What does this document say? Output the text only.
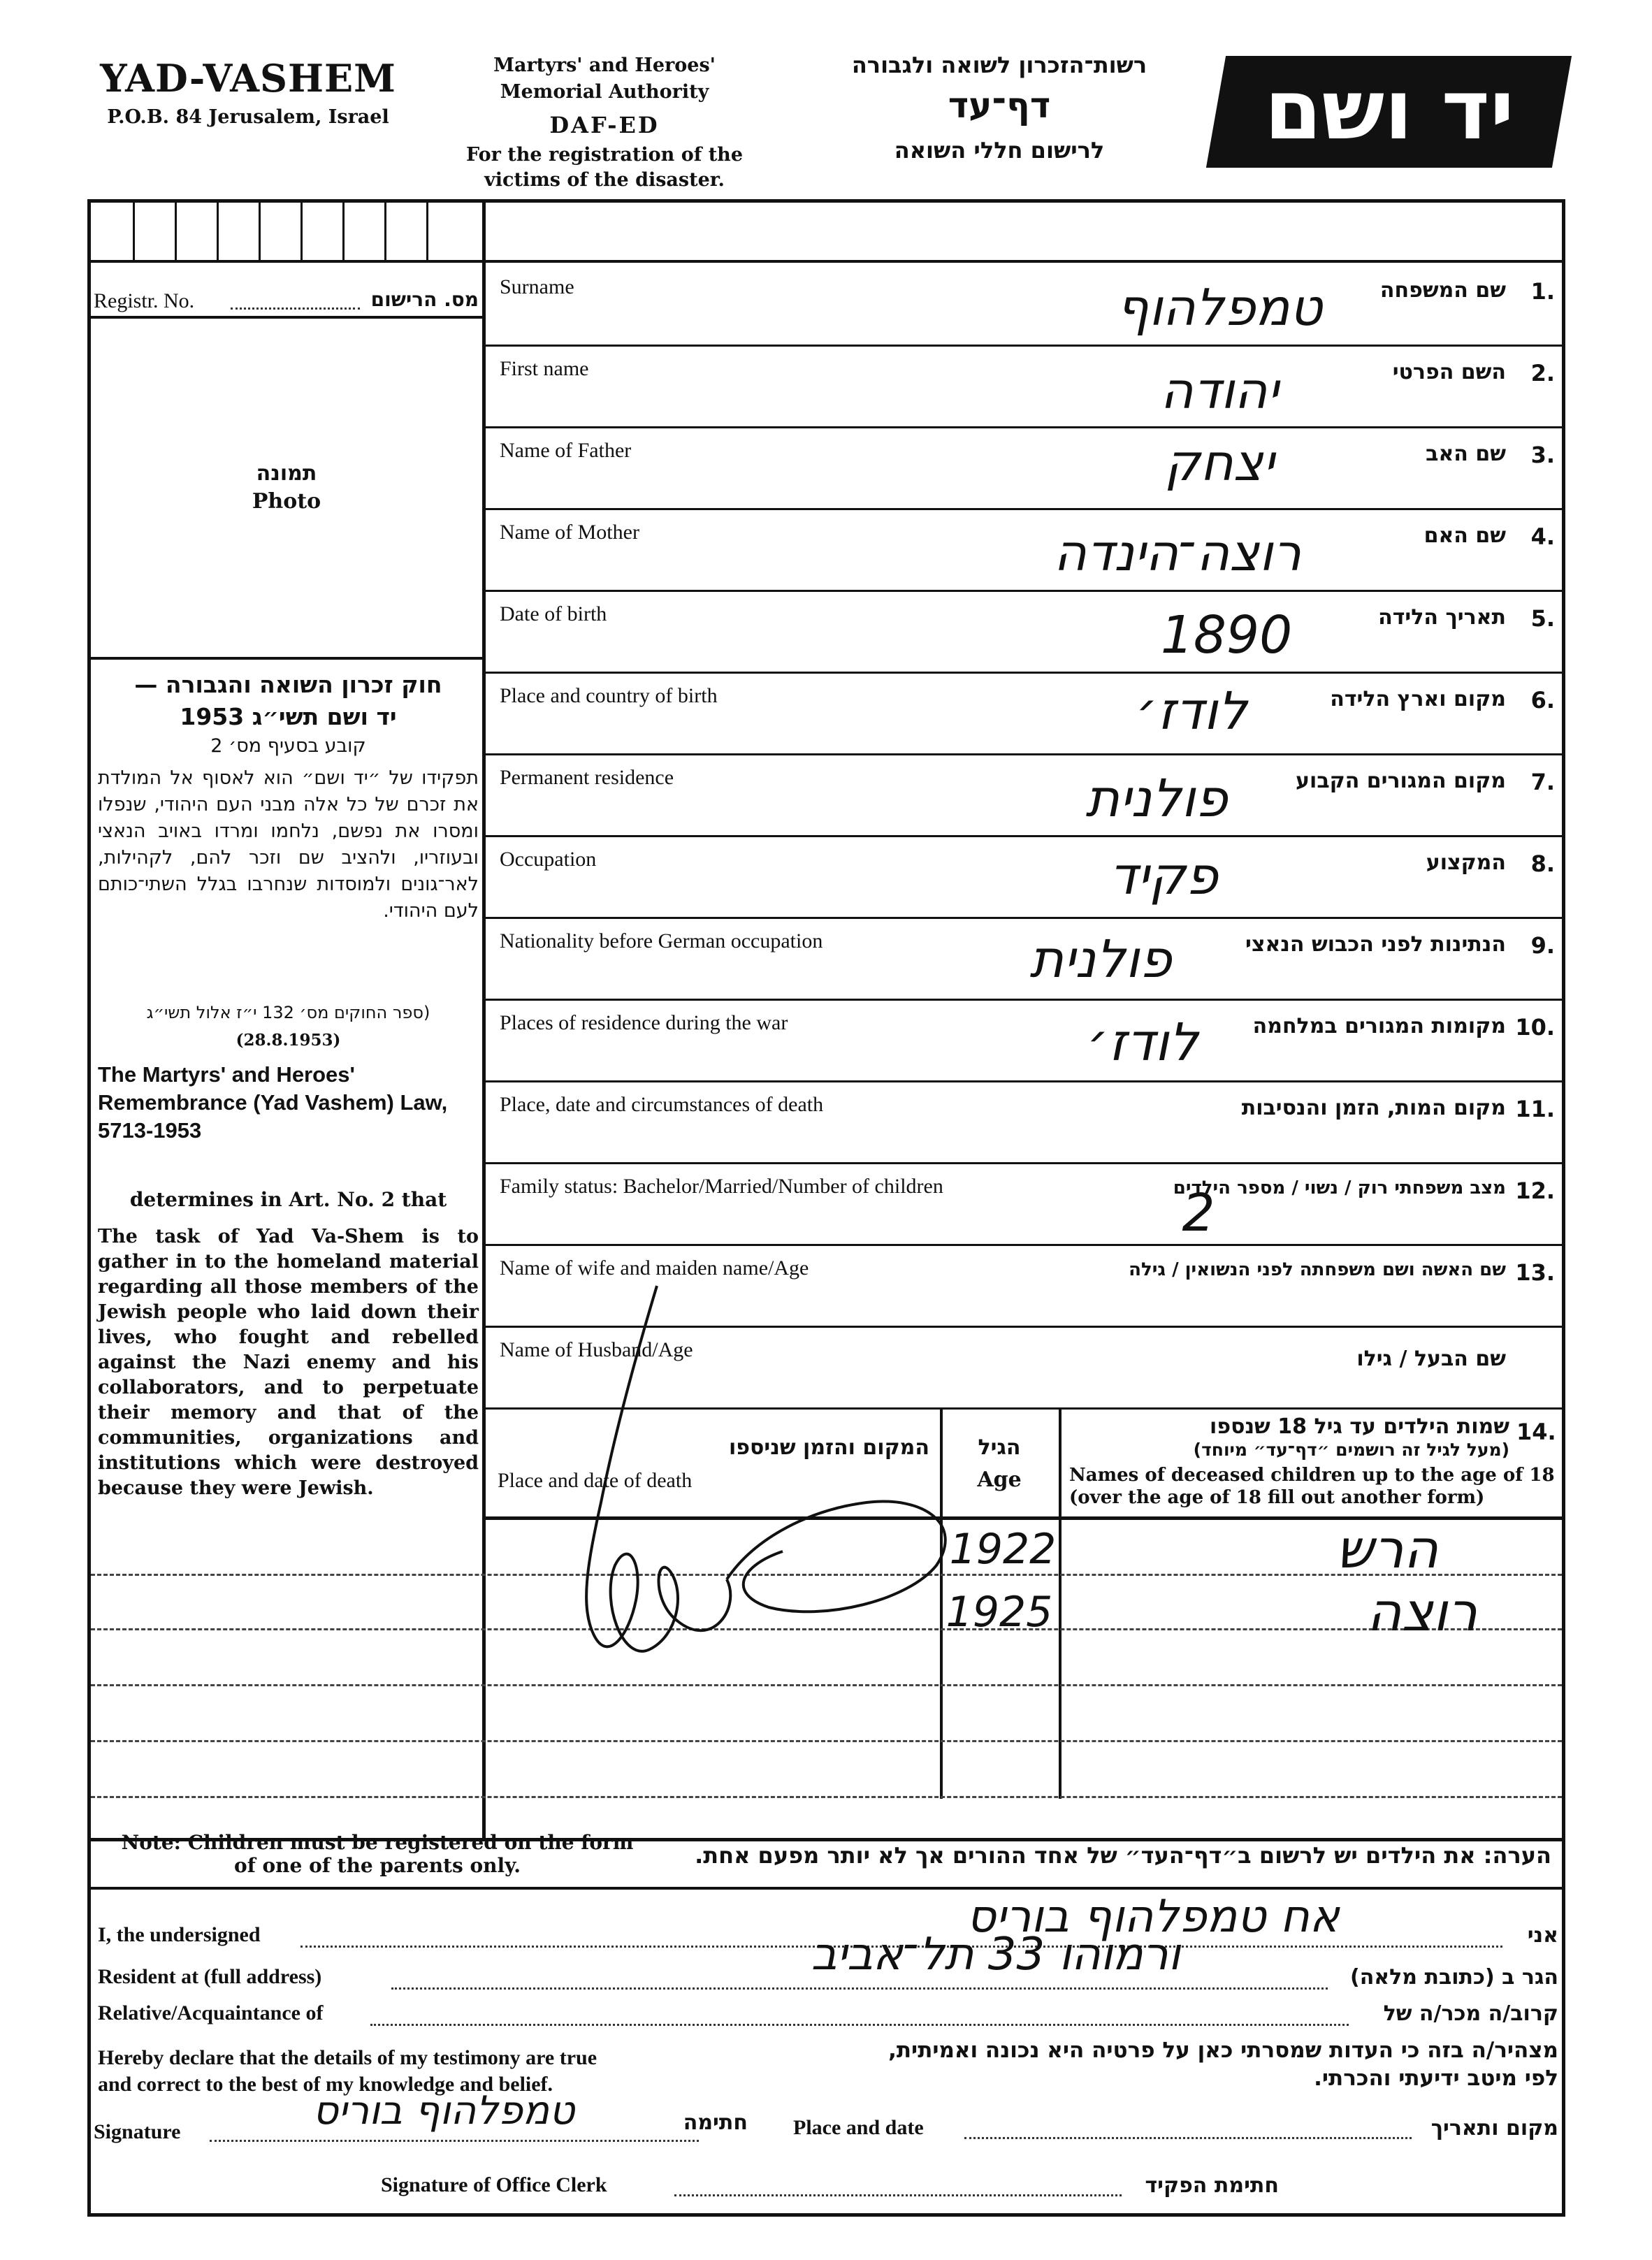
YAD-VASHEM
P.O.B. 84 Jerusalem, Israel
Martyrs' and Heroes'
Memorial Authority
DAF-ED
For the registration of the
victims of the disaster.
רשות־הזכרון לשואה ולגבורה
דף־עד
לרישום חללי השואה	יד ושם
Registr. No.	מס. הרישום
תמונה
Photo
חוק זכרון השואה והגבורה —
יד ושם תשי״ג 1953
קובע בסעיף מס׳ 2
תפקידו של ״יד ושם״ הוא לאסוף אל המולדת את זכרם של כל אלה מבני העם היהודי, שנפלו ומסרו את נפשם, נלחמו ומרדו באויב הנאצי ובעוזריו, ולהציב שם וזכר להם, לקהילות, לאר־גונים ולמוסדות שנחרבו בגלל השתי־כותם לעם היהודי.
(ספר החוקים מס׳ 132 י״ז אלול תשי״ג
(28.8.1953)
The Martyrs' and Heroes' Remembrance (Yad Vashem) Law, 5713-1953
determines in Art. No. 2 that
The task of Yad Va-Shem is to gather in to the homeland material regarding all those members of the Jewish people who laid down their lives, who fought and rebelled against the Nazi enemy and his collaborators, and to perpetuate their memory and that of the communities, organizations and institutions which were destroyed because they were Jewish.
Surname	שם המשפחה 1.
טמפלהוף
First name	השם הפרטי 2.
יהודה
Name of Father	שם האב 3.
יצחק
Name of Mother	שם האם 4.
רוצה־הינדה
Date of birth	תאריך הלידה 5.
1890
Place and country of birth	מקום וארץ הלידה 6.
לודז׳
Permanent residence	מקום המגורים הקבוע 7.
פולנית
Occupation	המקצוע 8.
פקיד
Nationality before German occupation	הנתינות לפני הכבוש הנאצי 9.
פולנית
Places of residence during the war	מקומות המגורים במלחמה 10.
לודז׳
Place, date and circumstances of death	מקום המות, הזמן והנסיבות 11.
Family status: Bachelor/Married/Number of children	מצב משפחתי רוק / נשוי / מספר הילדים 12.
2
Name of wife and maiden name/Age	שם האשה ושם משפחתה לפני הנשואין / גילה 13.
Name of Husband/Age	שם הבעל / גילו
14.
שמות הילדים עד גיל 18 שנספו
(מעל לגיל זה רושמים ״דף־עד״ מיוחד)
Names of deceased children up to the age of 18
(over the age of 18 fill out another form)
הגיל
Age
המקום והזמן שניספו
Place and date of death
1922	הרש
1925	רוצה
Note: Children must be registered on the form
of one of the parents only.	הערה: את הילדים יש לרשום ב״דף־העד״ של אחד ההורים אך לא יותר מפעם אחת.
I, the undersigned	אח טמפלהוף בוריס	אני
Resident at (full address)	ורמוהו 33 תל־אביב	הגר ב (כתובת מלאה)
Relative/Acquaintance of	קרוב/ה מכר/ה של
Hereby declare that the details of my testimony are true
and correct to the best of my knowledge and belief.
מצהיר/ה בזה כי העדות שמסרתי כאן על פרטיה היא נכונה ואמיתית,
לפי מיטב ידיעתי והכרתי.
Signature	טמפלהוף בוריס	חתימה Place and date	מקום ותאריך
Signature of Office Clerk	חתימת הפקיד
